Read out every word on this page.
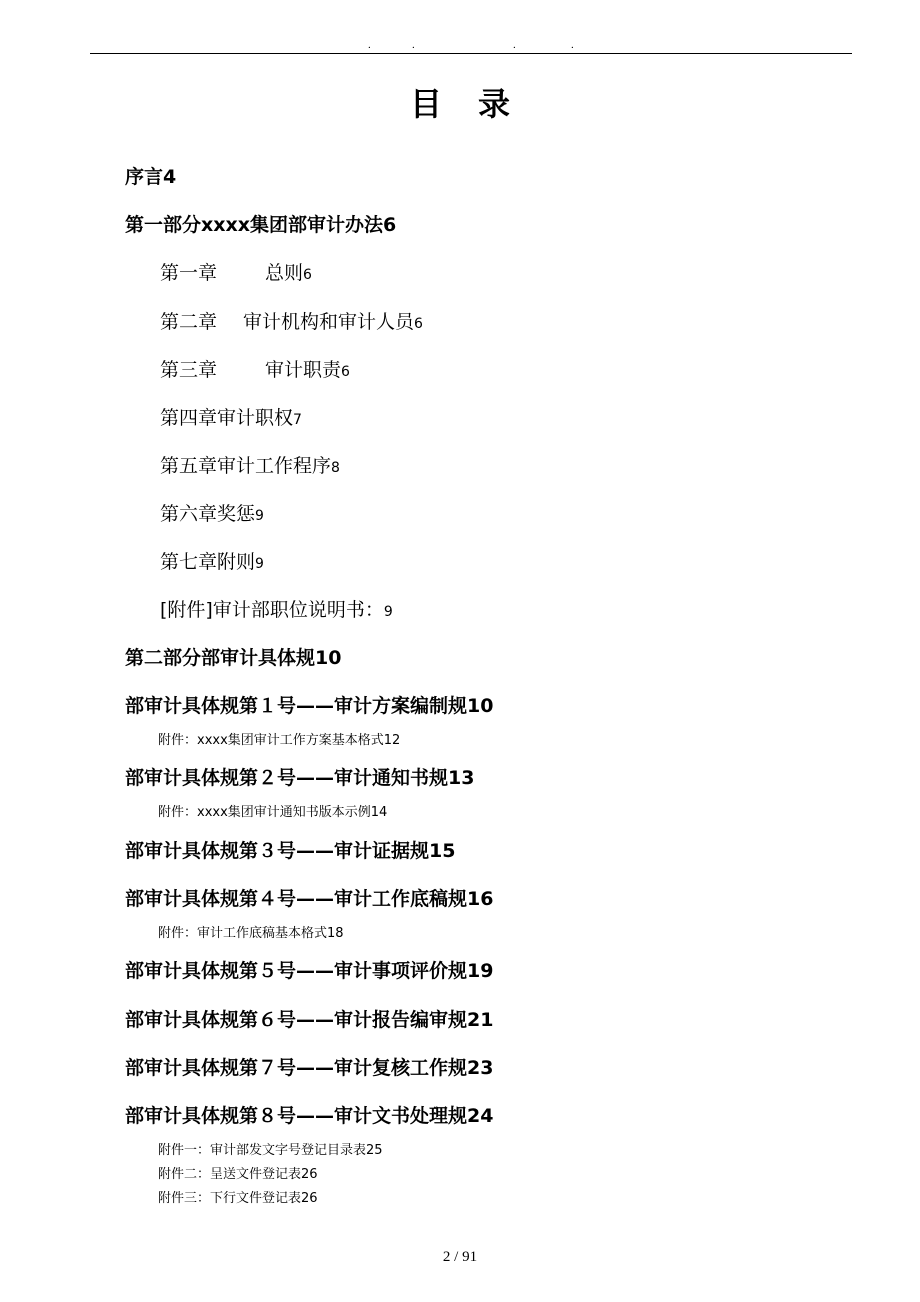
.	.	.	.
目录
序言4
第一部分xxxx集团部审计办法6
第一章	总则6
第二章 审计机构和审计人员6
第三章	审计职责6
第四章审计职权7
第五章审计工作程序8
第六章奖惩9
第七章附则9
[附件]审计部职位说明书：9
第二部分部审计具体规10
部审计具体规第１号——审计方案编制规10
附件：xxxx集团审计工作方案基本格式12
部审计具体规第２号——审计通知书规13
附件：xxxx集团审计通知书版本示例14
部审计具体规第３号——审计证据规15
部审计具体规第４号——审计工作底稿规16
附件：审计工作底稿基本格式18
部审计具体规第５号——审计事项评价规19
部审计具体规第６号——审计报告编审规21
部审计具体规第７号——审计复核工作规23
部审计具体规第８号——审计文书处理规24
附件一：审计部发文字号登记目录表25
附件二：呈送文件登记表26
附件三：下行文件登记表26
2 / 91
